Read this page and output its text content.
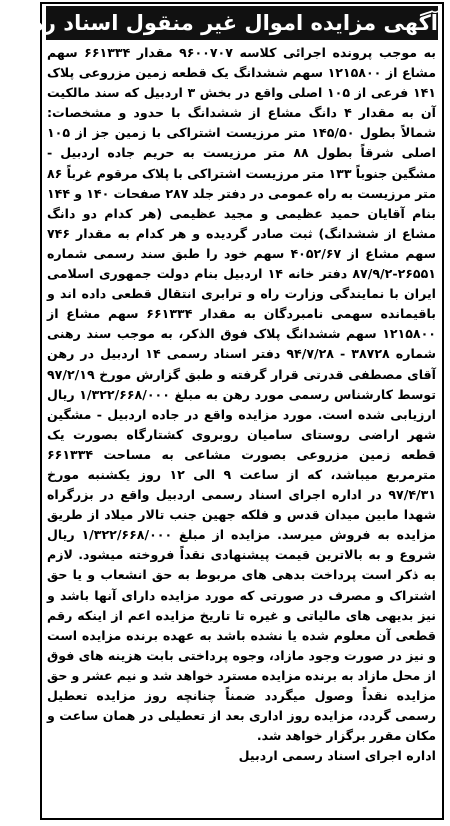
آگهی مزایده اموال غیر منقول اسناد رهنی

به موجب پرونده اجرائی کلاسه ۹۶۰۰۷۰۷ مقدار ۶۶۱۳۳۴ سهم مشاع از ۱۲۱۵۸۰۰ سهم ششدانگ یک قطعه زمین مزروعی پلاک ۱۴۱ فرعی از ۱۰۵ اصلی واقع در بخش ۳ اردبیل که سند مالکیت آن به مقدار ۴ دانگ مشاع از ششدانگ با حدود و مشخصات: شمالاً بطول ۱۴۵/۵۰ متر مرزیست اشتراکی با زمین جز از ۱۰۵ اصلی شرقاً بطول ۸۸ متر مرزیست به حریم جاده اردبیل - مشگین جنوباً ۱۳۳ متر مرزیست اشتراکی با پلاک مرقوم غرباً ۸۶ متر مرزیست به راه عمومی در دفتر جلد ۲۸۷ صفحات ۱۴۰ و ۱۴۴ بنام آقایان حمید عظیمی و مجید عظیمی (هر کدام دو دانگ مشاع از ششدانگ) ثبت صادر گردیده و هر کدام به مقدار ۷۴۶ سهم مشاع از ۴۰۵۲/۶۷ سهم خود را طبق سند رسمی شماره ۲۶۵۵۱-۸۷/۹/۲ دفتر خانه ۱۴ اردبیل بنام دولت جمهوری اسلامی ایران با نمایندگی وزارت راه و ترابری انتقال قطعی داده اند و باقیمانده سهمی نامبردگان به مقدار ۶۶۱۳۳۴ سهم مشاع از ۱۲۱۵۸۰۰ سهم ششدانگ پلاک فوق الذکر، به موجب سند رهنی شماره ۳۸۷۲۸ - ۹۴/۷/۲۸ دفتر اسناد رسمی ۱۴ اردبیل در رهن آقای مصطفی قدرتی قرار گرفته و طبق گزارش مورخ ۹۷/۲/۱۹ توسط کارشناس رسمی مورد رهن به مبلغ ۱/۳۲۲/۶۶۸/۰۰۰ ریال ارزیابی شده است. مورد مزایده واقع در جاده اردبیل - مشگین شهر اراضی روستای سامیان روبروی کشتارگاه بصورت یک قطعه زمین مزروعی بصورت مشاعی به مساحت ۶۶۱۳۳۴ مترمربع میباشد، که از ساعت ۹ الی ۱۲ روز یکشنبه مورخ ۹۷/۴/۳۱ در اداره اجرای اسناد رسمی اردبیل واقع در بزرگراه شهدا مابین میدان قدس و فلکه جهین جنب تالار میلاد از طریق مزایده به فروش میرسد. مزایده از مبلغ ۱/۳۲۲/۶۶۸/۰۰۰ ریال شروع و به بالاترین قیمت پیشنهادی نقداً فروخته میشود. لازم به ذکر است پرداخت بدهی های مربوط به حق انشعاب و یا حق اشتراک و مصرف در صورتی که مورد مزایده دارای آنها باشد و نیز بدیهی های مالیاتی و غیره تا تاریخ مزایده اعم از اینکه رقم قطعی آن معلوم شده یا نشده باشد به عهده برنده مزایده است و نیز در صورت وجود مازاد، وجوه پرداختی بابت هزینه های فوق از محل مازاد به برنده مزایده مسترد خواهد شد و نیم عشر و حق مزایده نقداً وصول میگردد ضمناً چنانچه روز مزایده تعطیل رسمی گردد، مزایده روز اداری بعد از تعطیلی در همان ساعت و مکان مقرر برگزار خواهد شد.

اداره اجرای اسناد رسمی اردبیل
